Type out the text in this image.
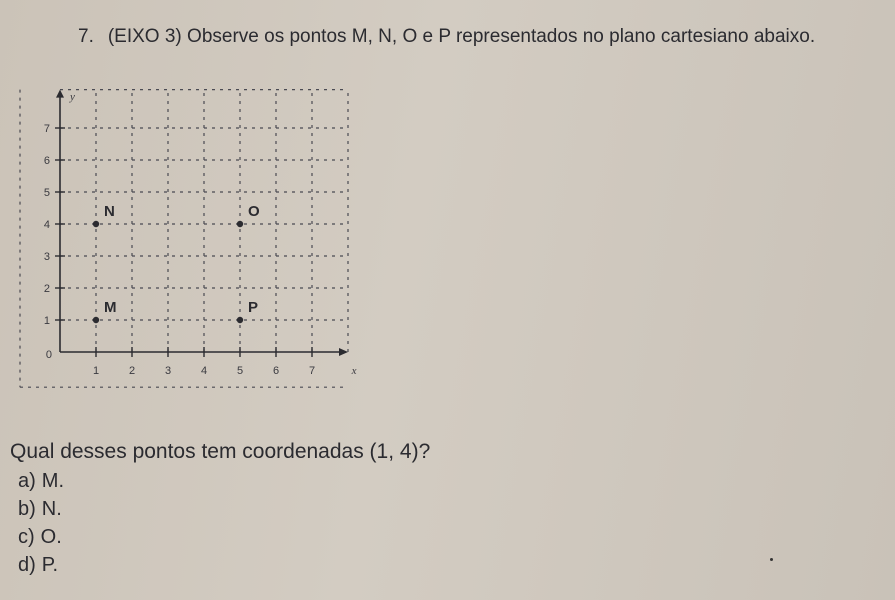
7. (EIXO 3) Observe os pontos M, N, O e P representados no plano cartesiano abaixo.
1	2	3	4	5	6	7
1
2
3
4
5
6
7
0
x
y
N	O
M	P
Qual desses pontos tem coordenadas (1, 4)?
a) M.
b) N.
c) O.
d) P.
